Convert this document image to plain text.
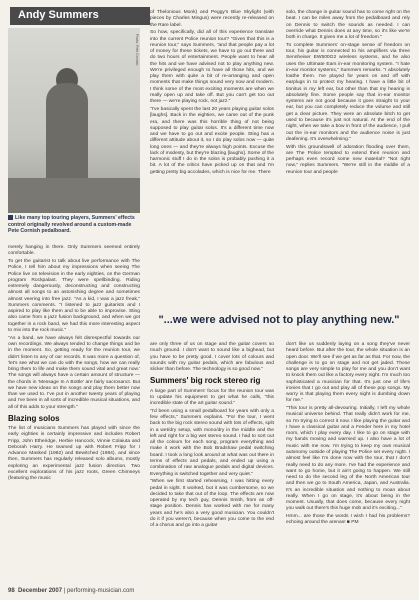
Andy Summers
Photo: Pete Cornish
Like many top touring players, Summers' effects control originally revolved around a custom-made Pete Cornish pedalboard.

merely hanging in there. Only Summers seemed entirely comfortable.

To get the guitarist to talk about live performance with The Police, I tell him about my impressions when seeing The Police live on television in the early eighties, on the German program Rockpalast. They were spellbinding. Riding extremely dangerously, deconstructing and constructing almost all songs to an astonishing degree and sometimes almost veering into free jazz. "As a kid, I was a jazz freak," Summers comments. "I listened to jazz guitarists and I aspired to play like them and to be able to improvise. Sting also came from a jazz fusion background, and when we got together in a rock band, we had this more interesting aspect to mix into the rock music."

"As a band, we have always felt disrespectful towards our own recordings. We always tended to change things and be in the moment. So, getting ready for the reunion tour, we didn't listen to any of our records. It was more a question of, 'let's see what we can do with the songs, how we can really bring them to life and make them sound vital and great now.' The songs will always have a certain amount of structure — the chords in 'Message In A Bottle' are fairly sacrosanct. But we have new ideas on the songs and play them better now than we used to. I've put in another twenty years of playing and I've been in all sorts of incredible musical situations, and all of this adds to your strength."

Blazing solos

The list of musicians Summers has played with since the early eighties is certainly impressive and includes Robert Fripp, John Etheridge, Herbie Hancock, Vinnie Colaiuta and Deborah Harry. He teamed up with Robert Fripp for I Advance Masked (1982) and Bewitched (1984), and since then, Summers has regularly released solo albums, mostly exploring an experimental jazz fusion direction. Two excellent explorations of his jazz roots, Green Chimneys (featuring the music

of Thelonious Monk) and Peggy's Blue Skylight (with pieces by Charles Mingus) were recently re-released on the Rare label.

So how, specifically, did all of this experience translate into the current Police reunion tour? "Given that this is a reunion tour," says Summers, "and that people pay a lot of money for these tickets, we have to go out there and do two hours of entertainment. People want to hear all the hits and we have advised not to play anything new. We're privileged enough to have all those hits, and we play them with quite a bit of re-arranging and open moments that make things sound very now and modern. I think some of the most exciting moments are when we really open up and take off. But you can't get too out there — we're playing rock, not jazz."

"I've basically spent the last 20 years playing guitar solos [laughs]. Back in the eighties, we came out of the punk era, and there was this horrible thing of not being supposed to play guitar solos. It's a different time now and we have to go out and excite people. Sting has a different attitude about it, so I do play solos now — quite long ones — and they're always high points. Excuse the lack of modesty, but they're blazing [laughs]. Some of the harmonic stuff I do in the solos is probably pushing it a bit. A lot of the critics have picked up on that and I'm getting pretty big accolades, which is nice for me. There

solo, the change in guitar sound has to come right on the beat. I can be miles away from the pedalboard and rely on Dennis to switch the sounds as needed. I can override what Dennis does at any time, so it's like we're both in charge. It gives me a lot of freedom."

To complete Summers' on-stage sense of freedom on tour, his guitar is connected to his amplifiers via three Sennheiser EW500G2 wireless systems, and he also uses the Ultimate Ears in-ear monitoring system. "I hate in-ear monitor systems," Summers remarks. "I absolutely loathe them. I've played for years on and off with earplugs in to protect my hearing. I have a little bit of tinnitus in my left ear, but other than that my hearing is absolutely fine. Some people say that in-ear monitor systems are not good because it goes straight to your ear, but you can completely reduce the volume and still get a clear picture. They were an absolute bitch to get used to because it's just not natural. At the end of the night, when we take a bow in front of the audience, I pull out the in-ear monitors and the audience noise is just deafening. It's overwhelming."

With this groundswell of adoration flooding over them, are The Police tempted to extend their reunion and perhaps even record some new material? "Not right now," replies Summers. "We're still in the middle of a reunion tour and people

"...we were advised not to play anything new."

are only three of us on stage and the guitar covers so much ground. I don't want to sound like a bighead, but you have to be pretty good. I cover lots of colours and sounds with my guitar pedals, which are fabulous and slicker than before. The technology is so good now."

Summers' big rock stereo rig

A large part of Summers' focus for the reunion tour was to update his equipment to get what he calls, "this incredible state of the art guitar sound."

"I'd been using a small pedalboard for years with only a few effects," Summers explains. "For the tour, I went back to the big rock stereo sound with lots of effects, split in a wet/dry setup, with mono/dry in the middle and the left and right for a big wet stereo sound. I had to sort out all the colours for each song, program everything and make it work with the Bob Bradshaw pedal switching board. I took a long look around at what was out there in terms of effects and pedals, and ended up using a combination of raw analogue pedals and digital devices. Everything is switched together and very quiet."

"When we first started rehearsing, I was hitting every pedal in sight. It worked, but it was cumbersome, so we decided to take that out of the loop. The effects are now operated by my tech guy, Dennis Smith, from an off-stage position. Dennis has worked with me for many years and he's also a very good musician. You couldn't do it if you weren't, because when you come to the end of a chorus and go into a guitar

don't like us suddenly laying on a song they've never heard before. But after the tour, the whole situation is an open door. We'll see if we get as far as that. For now, the challenge is to go on stage and not get jaded. These songs are very simple to play for me and you don't want to knock them out like a factory every night. I'm much too sophisticated a musician for that. It's just one of life's ironies that I go out and play all of these pop songs. My worry is that playing them every night is dumbing down for me."

"This tour is pretty all-devouring. Initially, I left my whole musical universe behind. That really didn't work for me, so I'm trying to correct it now. I like playing the guitar and I have a classical guitar and a Fender here in my hotel room, which I play every day. I like to go on stage with my hands moving and warmed up. I also have a lot of music with me now. I'm trying to keep my own musical autonomy outside of playing The Police set every night. I almost feel like I'm done now with the tour, that I don't really need to do any more. I've had the experience and want to go home, but it ain't going to happen. We still need to do the second leg of the North American tour and then we go to South America, Japan, and Australia. It's an incredible situation and nothing to moan about really. When I go on stage, it's about being in the moment. Usually, that does come, because every night you walk out there's this huge mob and it's exciting..."

Hmm... are those the words I wish I had his problems? echoing around the arenas! ■ PM

98 December 2007 | performing-musician.com
